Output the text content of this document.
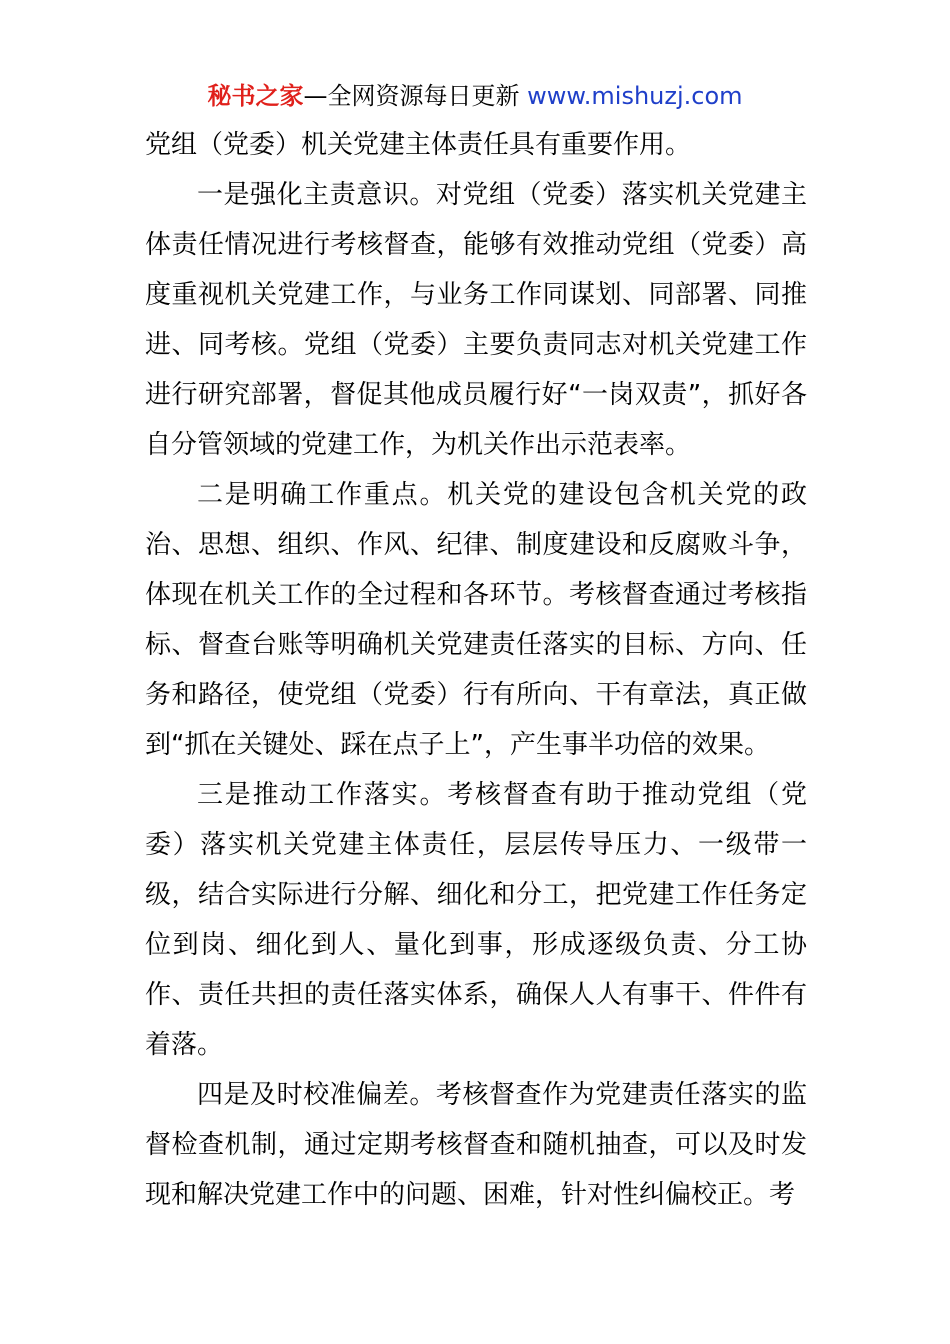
秘书之家—全网资源每日更新 www.mishuzj.com

党组（党委）机关党建主体责任具有重要作用。

一是强化主责意识。对党组（党委）落实机关党建主体责任情况进行考核督查，能够有效推动党组（党委）高度重视机关党建工作，与业务工作同谋划、同部署、同推进、同考核。党组（党委）主要负责同志对机关党建工作进行研究部署，督促其他成员履行好“一岗双责”，抓好各自分管领域的党建工作，为机关作出示范表率。

二是明确工作重点。机关党的建设包含机关党的政治、思想、组织、作风、纪律、制度建设和反腐败斗争，体现在机关工作的全过程和各环节。考核督查通过考核指标、督查台账等明确机关党建责任落实的目标、方向、任务和路径，使党组（党委）行有所向、干有章法，真正做到“抓在关键处、踩在点子上”，产生事半功倍的效果。

三是推动工作落实。考核督查有助于推动党组（党委）落实机关党建主体责任，层层传导压力、一级带一级，结合实际进行分解、细化和分工，把党建工作任务定位到岗、细化到人、量化到事，形成逐级负责、分工协作、责任共担的责任落实体系，确保人人有事干、件件有着落。

四是及时校准偏差。考核督查作为党建责任落实的监督检查机制，通过定期考核督查和随机抽查，可以及时发现和解决党建工作中的问题、困难，针对性纠偏校正。考
